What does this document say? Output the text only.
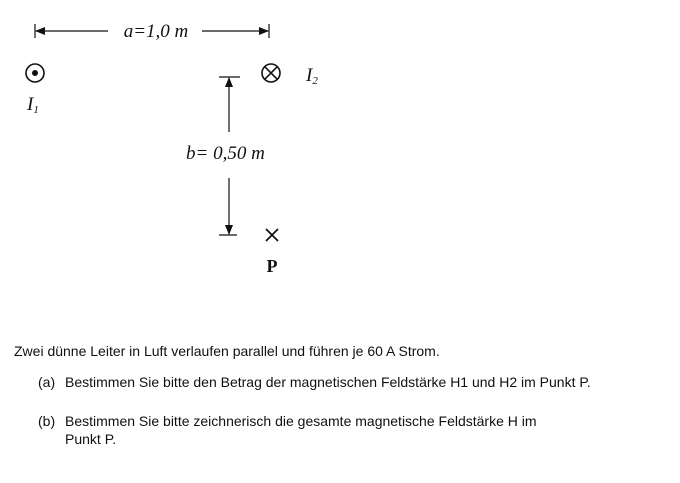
a=1,0 m
I1
I2
b= 0,50 m
P

Zwei dünne Leiter in Luft verlaufen parallel und führen je 60 A Strom.

(a) Bestimmen Sie bitte den Betrag der magnetischen Feldstärke H1 und H2 im Punkt P.
(b) Bestimmen Sie bitte zeichnerisch die gesamte magnetische Feldstärke H im
Punkt P.
